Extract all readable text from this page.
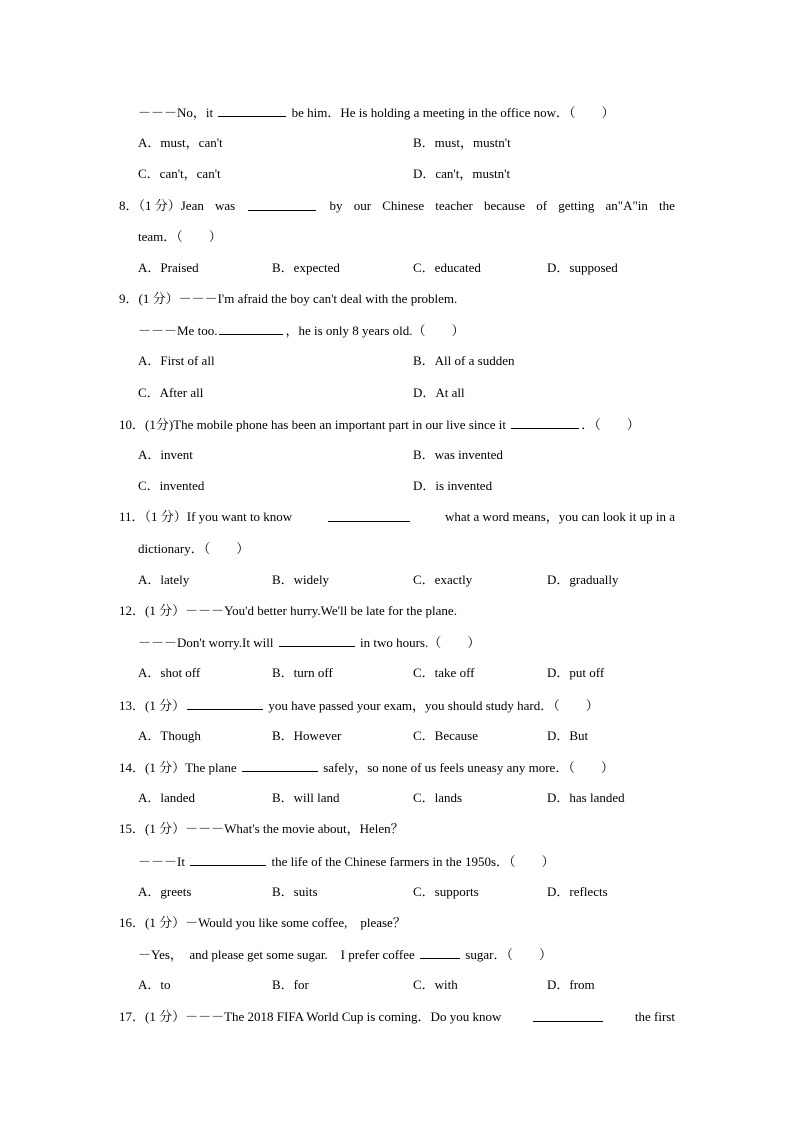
－－－No，it	be him．He is holding a meeting in the office now．（　　）
A．must，can't	B．must，mustn't
C．can't，can't	D．can't，mustn't
8．（1 分）Jean was	by our Chinese teacher because of getting an"A"in the
team．（　　）
A．Praised	B．expected	C．educated	D．supposed
9．(1 分）－－－I'm afraid the boy can't deal with the problem.
－－－Me too.	，he is only 8 years old.（　　）
A．First of all	B．All of a sudden
C．After all	D．At all
10．(1分)The mobile phone has been an important part in our live since it	．（　　）
A．invent	B．was invented
C．invented	D．is invented
11．（1 分）If you want to know	what a word means，you can look it up in a
dictionary．（　　）
A．lately	B．widely	C．exactly	D．gradually
12．(1 分）－－－You'd better hurry.We'll be late for the plane.
－－－Don't worry.It will	in two hours.（　　）
A．shot off	B．turn off	C．take off	D．put off
13．(1 分）	you have passed your exam，you should study hard．（　　）
A．Though	B．However	C．Because	D．But
14．(1 分）The plane	safely，so none of us feels uneasy any more．（　　）
A．landed	B．will land	C．lands	D．has landed
15．(1 分）－－－What's the movie about，Helen？
－－－It	the life of the Chinese farmers in the 1950s．（　　）
A．greets	B．suits	C．supports	D．reflects
16．(1 分）－Would you like some coffee,　please？
－Yes，　and please get some sugar.　I prefer coffee	sugar．（　　）
A．to	B．for	C．with	D．from
17．(1 分）－－－The 2018 FIFA World Cup is coming．Do you know	the first
